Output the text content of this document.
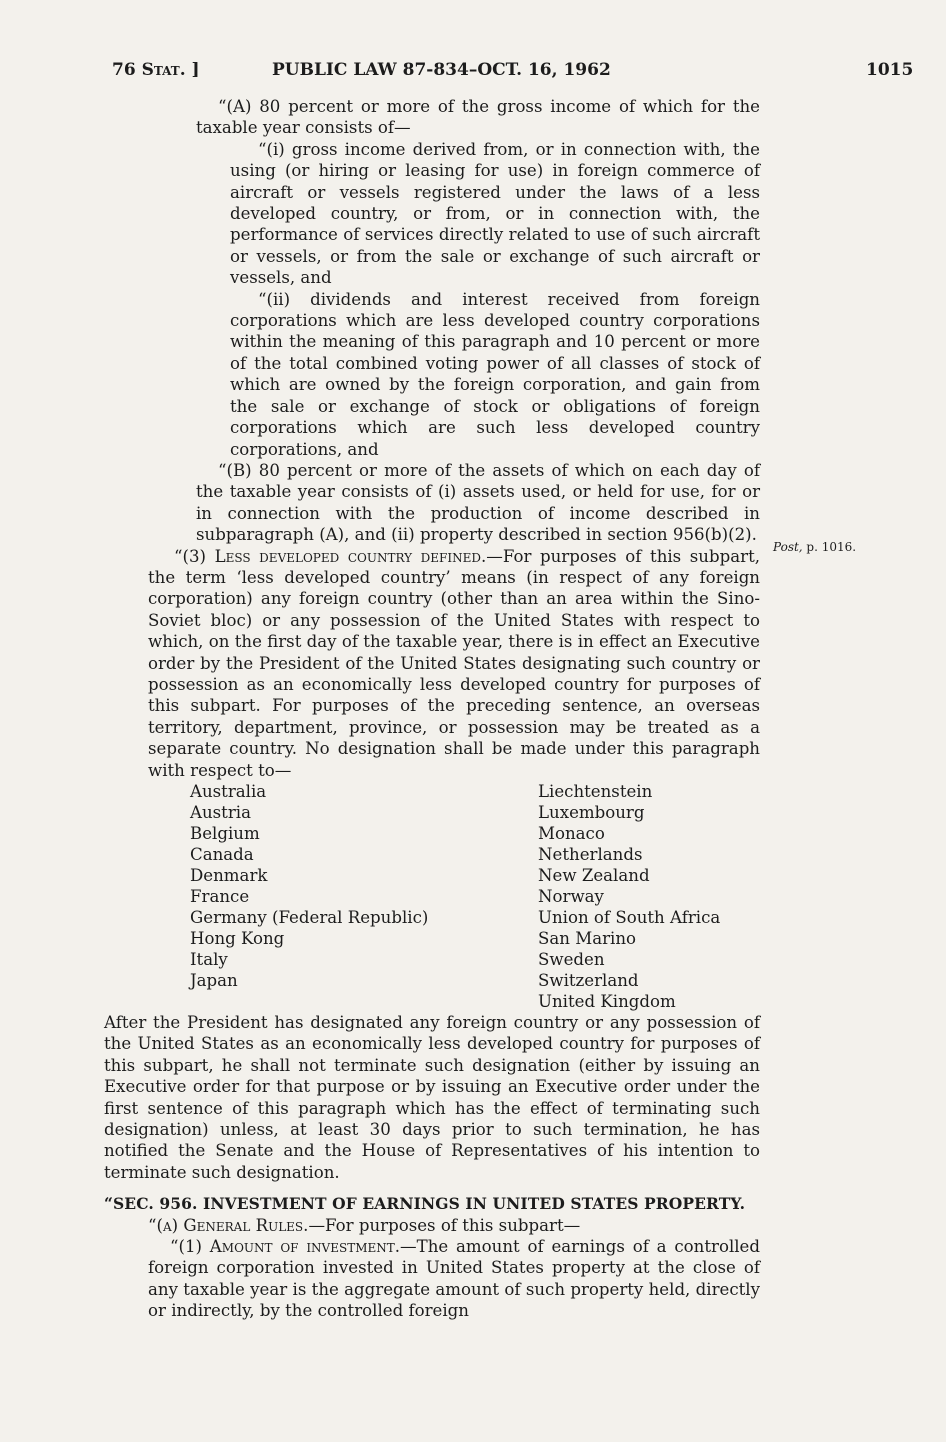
76 Stat. ]	PUBLIC LAW 87-834–OCT. 16, 1962	1015

“(A) 80 percent or more of the gross income of which for the taxable year consists of—

“(i) gross income derived from, or in connection with, the using (or hiring or leasing for use) in foreign commerce of aircraft or vessels registered under the laws of a less developed country, or from, or in connection with, the performance of services directly related to use of such aircraft or vessels, or from the sale or exchange of such aircraft or vessels, and

“(ii) dividends and interest received from foreign corporations which are less developed country corporations within the meaning of this paragraph and 10 percent or more of the total combined voting power of all classes of stock of which are owned by the foreign corporation, and gain from the sale or exchange of stock or obligations of foreign corporations which are such less developed country corporations, and

“(B) 80 percent or more of the assets of which on each day of the taxable year consists of (i) assets used, or held for use, for or in connection with the production of income described in subparagraph (A), and (ii) property described in section 956(b)(2).

“(3) Less developed country defined.—For purposes of this subpart, the term ‘less developed country’ means (in respect of any foreign corporation) any foreign country (other than an area within the Sino-Soviet bloc) or any possession of the United States with respect to which, on the first day of the taxable year, there is in effect an Executive order by the President of the United States designating such country or possession as an economically less developed country for purposes of this subpart. For purposes of the preceding sentence, an overseas territory, department, province, or possession may be treated as a separate country. No designation shall be made under this paragraph with respect to—

Australia
Austria
Belgium
Canada
Denmark
France
Germany (Federal Republic)
Hong Kong
Italy
Japan
Liechtenstein
Luxembourg
Monaco
Netherlands
New Zealand
Norway
Union of South Africa
San Marino
Sweden
Switzerland
United Kingdom

After the President has designated any foreign country or any possession of the United States as an economically less developed country for purposes of this subpart, he shall not terminate such designation (either by issuing an Executive order for that purpose or by issuing an Executive order under the first sentence of this paragraph which has the effect of terminating such designation) unless, at least 30 days prior to such termination, he has notified the Senate and the House of Representatives of his intention to terminate such designation.

“SEC. 956. INVESTMENT OF EARNINGS IN UNITED STATES PROPERTY.

“(a) General Rules.—For purposes of this subpart—

“(1) Amount of investment.—The amount of earnings of a controlled foreign corporation invested in United States property at the close of any taxable year is the aggregate amount of such property held, directly or indirectly, by the controlled foreign

Post, p. 1016.
